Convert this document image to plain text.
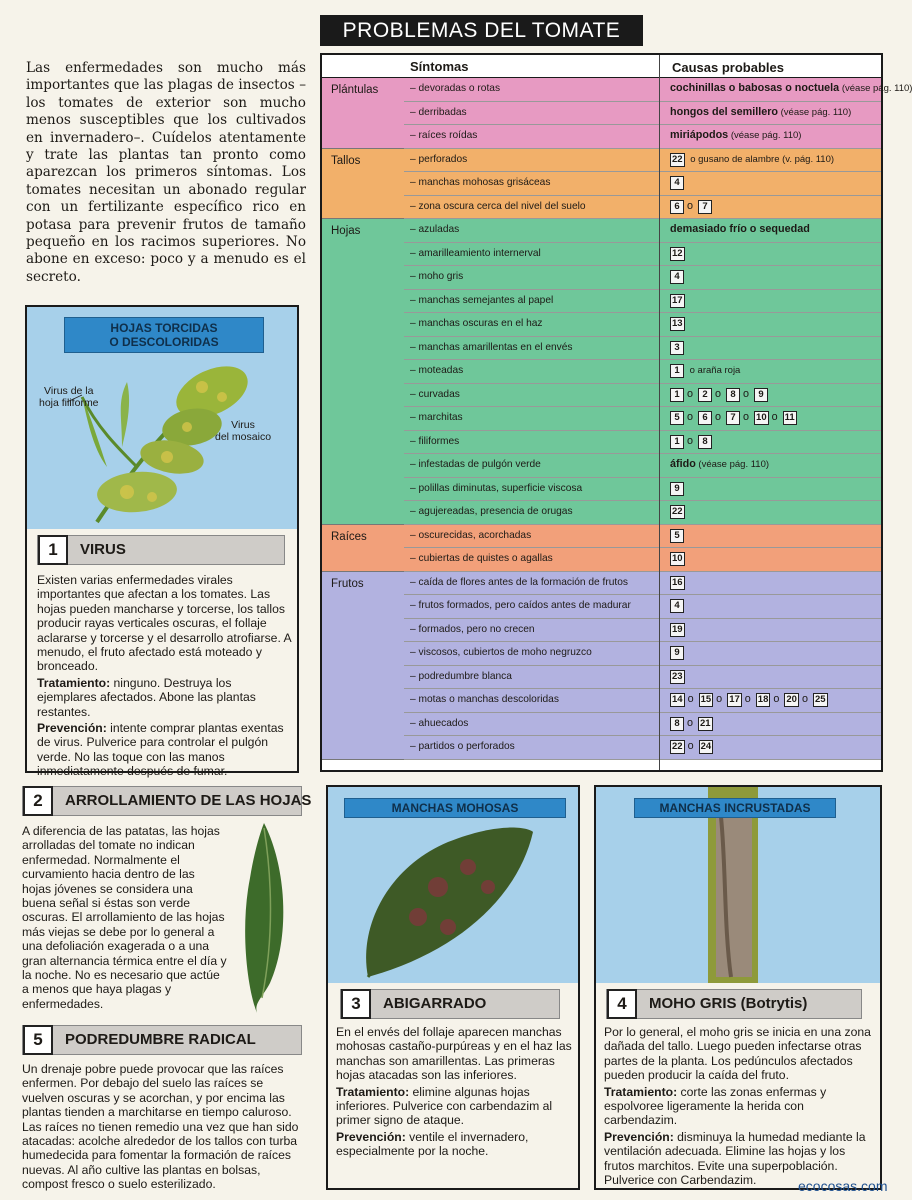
PROBLEMAS DEL TOMATE
Las enfermedades son mucho más importantes que las plagas de insectos –los tomates de exterior son mucho menos susceptibles que los cultivados en invernadero–. Cuídelos atentamente y trate las plantas tan pronto como aparezcan los primeros síntomas. Los tomates necesitan un abonado regular con un fertilizante específico rico en potasa para prevenir frutos de tamaño pequeño en los racimos superiores. No abone en exceso: poco y a menudo es el secreto.
Síntomas	Causas probables
Plántulas	– devoradas o rotas	cochinillas o babosas o noctuela (véase pág. 110)
– derribadas	hongos del semillero (véase pág. 110)
– raíces roídas	miriápodos (véase pág. 110)
Tallos	– perforados	22 o gusano de alambre (v. pág. 110)
– manchas mohosas grisáceas	4
– zona oscura cerca del nivel del suelo	6 o 7
Hojas	– azuladas	demasiado frío o sequedad
– amarilleamiento internerval	12
– moho gris	4
– manchas semejantes al papel	17
– manchas oscuras en el haz	13
– manchas amarillentas en el envés	3
– moteadas	1 o araña roja
– curvadas	1 o 2 o 8 o 9
– marchitas	5 o 6 o 7 o 10 o 11
– filiformes	1 o 8
– infestadas de pulgón verde	áfido (véase pág. 110)
– polillas diminutas, superficie viscosa	9
– agujereadas, presencia de orugas	22
Raíces	– oscurecidas, acorchadas	5
– cubiertas de quistes o agallas	10
Frutos	– caída de flores antes de la formación de frutos	16
– frutos formados, pero caídos antes de madurar	4
– formados, pero no crecen	19
– viscosos, cubiertos de moho negruzco	9
– podredumbre blanca	23
– motas o manchas descoloridas	14 o 15 o 17 o 18 o 20 o 25
– ahuecados	8 o 21
– partidos o perforados	22 o 24
HOJAS TORCIDAS
O DESCOLORIDAS
Virus de la
hoja filiforme
Virus
del mosaico
1	VIRUS

Existen varias enfermedades virales importantes que afectan a los tomates. Las hojas pueden mancharse y torcerse, los tallos producir rayas verticales oscuras, el follaje aclararse y torcerse y el desarrollo atrofiarse. A menudo, el fruto afectado está moteado y bronceado.

Tratamiento: ninguno. Destruya los ejemplares afectados. Abone las plantas restantes.

Prevención: intente comprar plantas exentas de virus. Pulverice para controlar el pulgón verde. No las toque con las manos inmediatamente después de fumar.

2	ARROLLAMIENTO DE LAS HOJAS
A diferencia de las patatas, las hojas arrolladas del tomate no indican enfermedad. Normalmente el curvamiento hacia dentro de las hojas jóvenes se considera una buena señal si éstas son verde oscuras. El arrollamiento de las hojas más viejas se debe por lo general a una defoliación exagerada o a una gran alternancia térmica entre el día y la noche. No es necesario que actúe a menos que haya plagas y enfermedades.
5	PODREDUMBRE RADICAL
Un drenaje pobre puede provocar que las raíces enfermen. Por debajo del suelo las raíces se vuelven oscuras y se acorchan, y por encima las plantas tienden a marchitarse en tiempo caluroso. Las raíces no tienen remedio una vez que han sido atacadas: acolche alrededor de los tallos con turba humedecida para fomentar la formación de raíces nuevas. Al año cultive las plantas en bolsas, compost fresco o suelo esterilizado.
MANCHAS MOHOSAS
3	ABIGARRADO

En el envés del follaje aparecen manchas mohosas castaño-purpúreas y en el haz las manchas son amarillentas. Las primeras hojas atacadas son las inferiores.

Tratamiento: elimine algunas hojas inferiores. Pulverice con carbendazim al primer signo de ataque.

Prevención: ventile el invernadero, especialmente por la noche.

MANCHAS INCRUSTADAS
4	MOHO GRIS (Botrytis)

Por lo general, el moho gris se inicia en una zona dañada del tallo. Luego pueden infectarse otras partes de la planta. Los pedúnculos afectados pueden producir la caída del fruto.

Tratamiento: corte las zonas enfermas y espolvoree ligeramente la herida con carbendazim.

Prevención: disminuya la humedad mediante la ventilación adecuada. Elimine las hojas y los frutos marchitos. Evite una superpoblación. Pulverice con Carbendazim.	ecocosas.com
